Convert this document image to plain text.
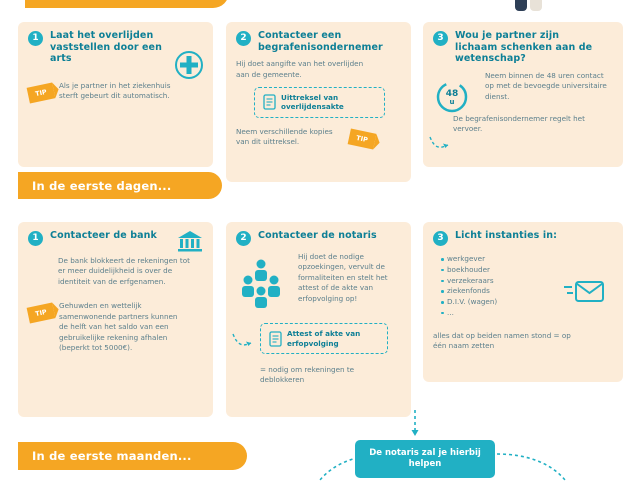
1	Laat het overlijden vaststellen door een arts
TIP
Als je partner in het ziekenhuis sterft gebeurt dit automatisch.
2	Contacteer een begrafenisondernemer

Hij doet aangifte van het overlijden aan de gemeente.

Uittreksel van overlijdensakte
Neem verschillende kopies van dit uittreksel.	TIP
3	Wou je partner zijn lichaam schenken aan de wetenschap?
48
u

Neem binnen de 48 uren contact op met de bevoegde universitaire dienst.

De begrafenisondernemer regelt het vervoer.

In de eerste dagen...
1	Contacteer de bank

De bank blokkeert de rekeningen tot er meer duidelijkheid is over de identiteit van de erfgenamen.

TIP
Gehuwden en wettelijk samenwonende partners kunnen de helft van het saldo van een gebruikelijke rekening afhalen (beperkt tot 5000€).
2	Contacteer de notaris

Hij doet de nodige opzoekingen, vervult de formaliteiten en stelt het attest of de akte van erfopvolging op!

Attest of akte van erfopvolging

= nodig om rekeningen te deblokkeren

3	Licht instanties in:
werkgever
boekhouder
verzekeraars
ziekenfonds
D.I.V. (wagen)
...

alles dat op beiden namen stond = op één naam zetten

De notaris zal je hierbij helpen
In de eerste maanden...
